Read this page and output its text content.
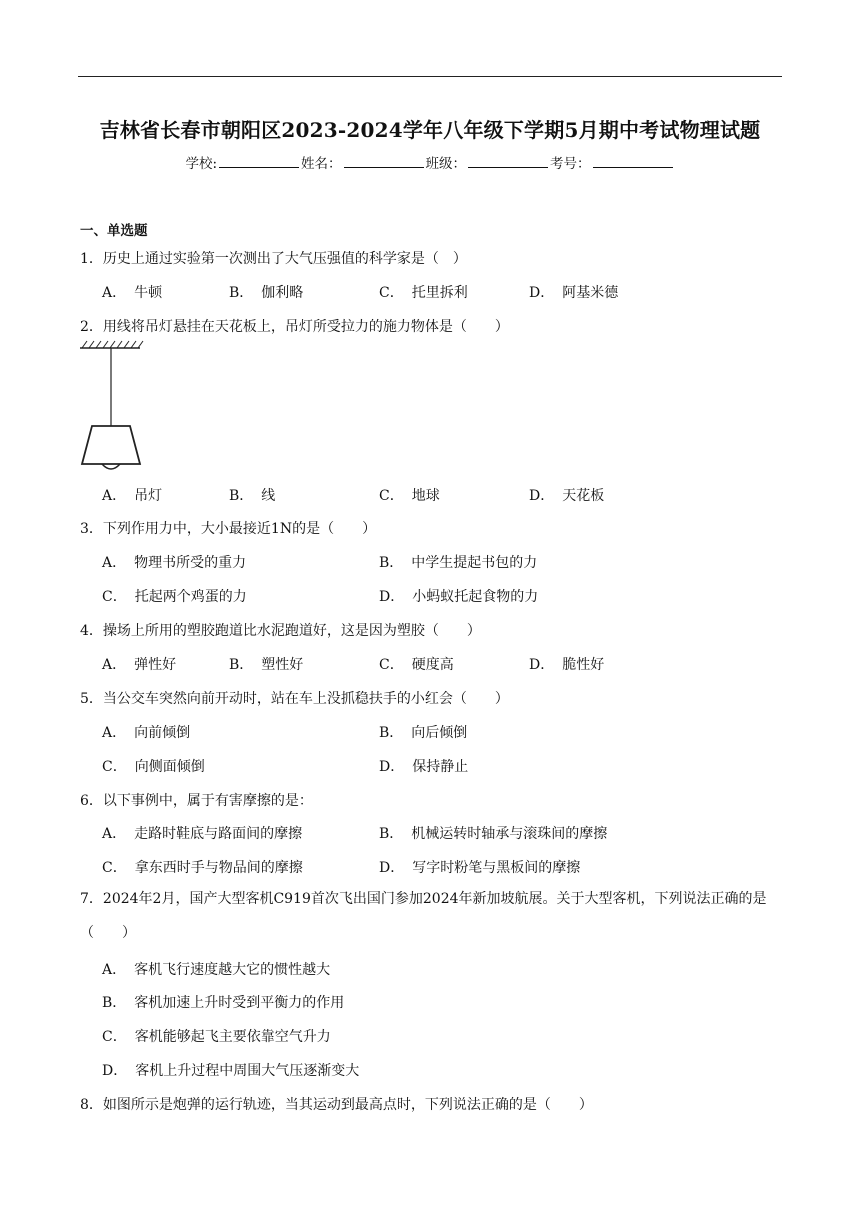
吉林省长春市朝阳区2023-2024学年八年级下学期5月期中考试物理试题
学校:	姓名：	班级：	考号：
一、单选题
1．历史上通过实验第一次测出了大气压强值的科学家是（　）
A． 牛顿	B． 伽利略	C． 托里拆利	D． 阿基米德
2．用线将吊灯悬挂在天花板上，吊灯所受拉力的施力物体是（　　）
A． 吊灯	B． 线	C． 地球	D． 天花板
3．下列作用力中，大小最接近1N的是（　　）
A． 物理书所受的重力	B． 中学生提起书包的力
C． 托起两个鸡蛋的力	D． 小蚂蚁托起食物的力
4．操场上所用的塑胶跑道比水泥跑道好，这是因为塑胶（　　）
A． 弹性好	B． 塑性好	C． 硬度高	D． 脆性好
5．当公交车突然向前开动时，站在车上没抓稳扶手的小红会（　　）
A． 向前倾倒	B． 向后倾倒
C． 向侧面倾倒	D． 保持静止
6．以下事例中，属于有害摩擦的是：
A． 走路时鞋底与路面间的摩擦	B． 机械运转时轴承与滚珠间的摩擦
C． 拿东西时手与物品间的摩擦	D． 写字时粉笔与黑板间的摩擦
7．2024年2月，国产大型客机C919首次飞出国门参加2024年新加坡航展。关于大型客机，下列说法正确的是（　　）
A． 客机飞行速度越大它的惯性越大
B． 客机加速上升时受到平衡力的作用
C． 客机能够起飞主要依靠空气升力
D． 客机上升过程中周围大气压逐渐变大
8．如图所示是炮弹的运行轨迹，当其运动到最高点时，下列说法正确的是（　　）
